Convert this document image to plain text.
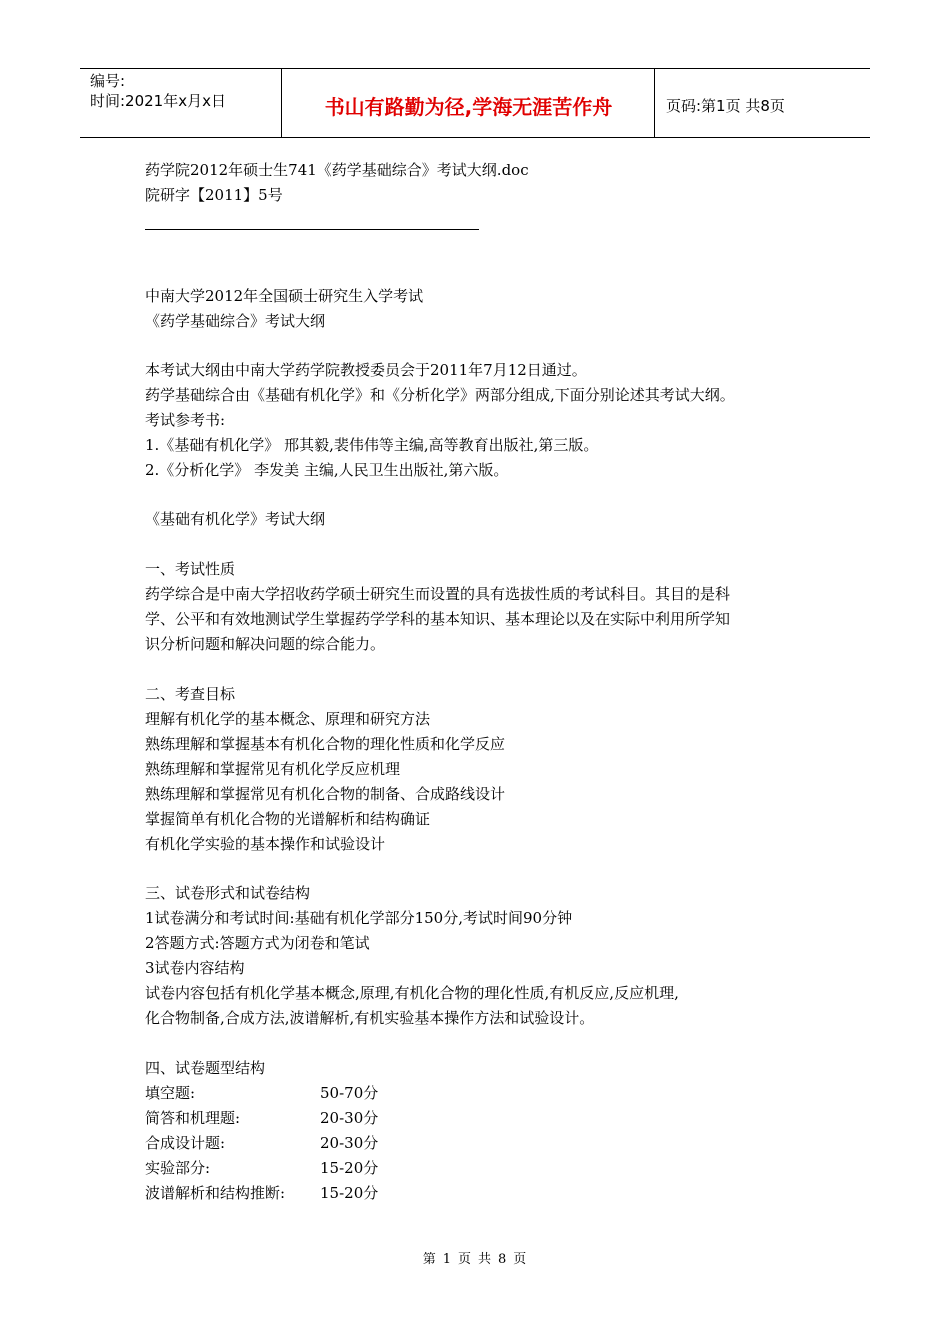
编号:
时间:2021年x月x日	书山有路勤为径,学海无涯苦作舟	页码:第1页 共8页
药学院2012年硕士生741《药学基础综合》考试大纲.doc
院研字【2011】5号
中南大学2012年全国硕士研究生入学考试
《药学基础综合》考试大纲
本考试大纲由中南大学药学院教授委员会于2011年7月12日通过。
药学基础综合由《基础有机化学》和《分析化学》两部分组成,下面分别论述其考试大纲。
考试参考书:
1.《基础有机化学》 邢其毅,裴伟伟等主编,高等教育出版社,第三版。
2.《分析化学》 李发美 主编,人民卫生出版社,第六版。
《基础有机化学》考试大纲
一、考试性质
药学综合是中南大学招收药学硕士研究生而设置的具有选拔性质的考试科目。其目的是科
学、公平和有效地测试学生掌握药学学科的基本知识、基本理论以及在实际中利用所学知
识分析问题和解决问题的综合能力。
二、考查目标
理解有机化学的基本概念、原理和研究方法
熟练理解和掌握基本有机化合物的理化性质和化学反应
熟练理解和掌握常见有机化学反应机理
熟练理解和掌握常见有机化合物的制备、合成路线设计
掌握简单有机化合物的光谱解析和结构确证
有机化学实验的基本操作和试验设计
三、试卷形式和试卷结构
1试卷满分和考试时间:基础有机化学部分150分,考试时间90分钟
2答题方式:答题方式为闭卷和笔试
3试卷内容结构
试卷内容包括有机化学基本概念,原理,有机化合物的理化性质,有机反应,反应机理,
化合物制备,合成方法,波谱解析,有机实验基本操作方法和试验设计。
四、试卷题型结构
填空题:	50-70分
简答和机理题:	20-30分
合成设计题:	20-30分
实验部分:	15-20分
波谱解析和结构推断: 15-20分
第 1 页 共 8 页
